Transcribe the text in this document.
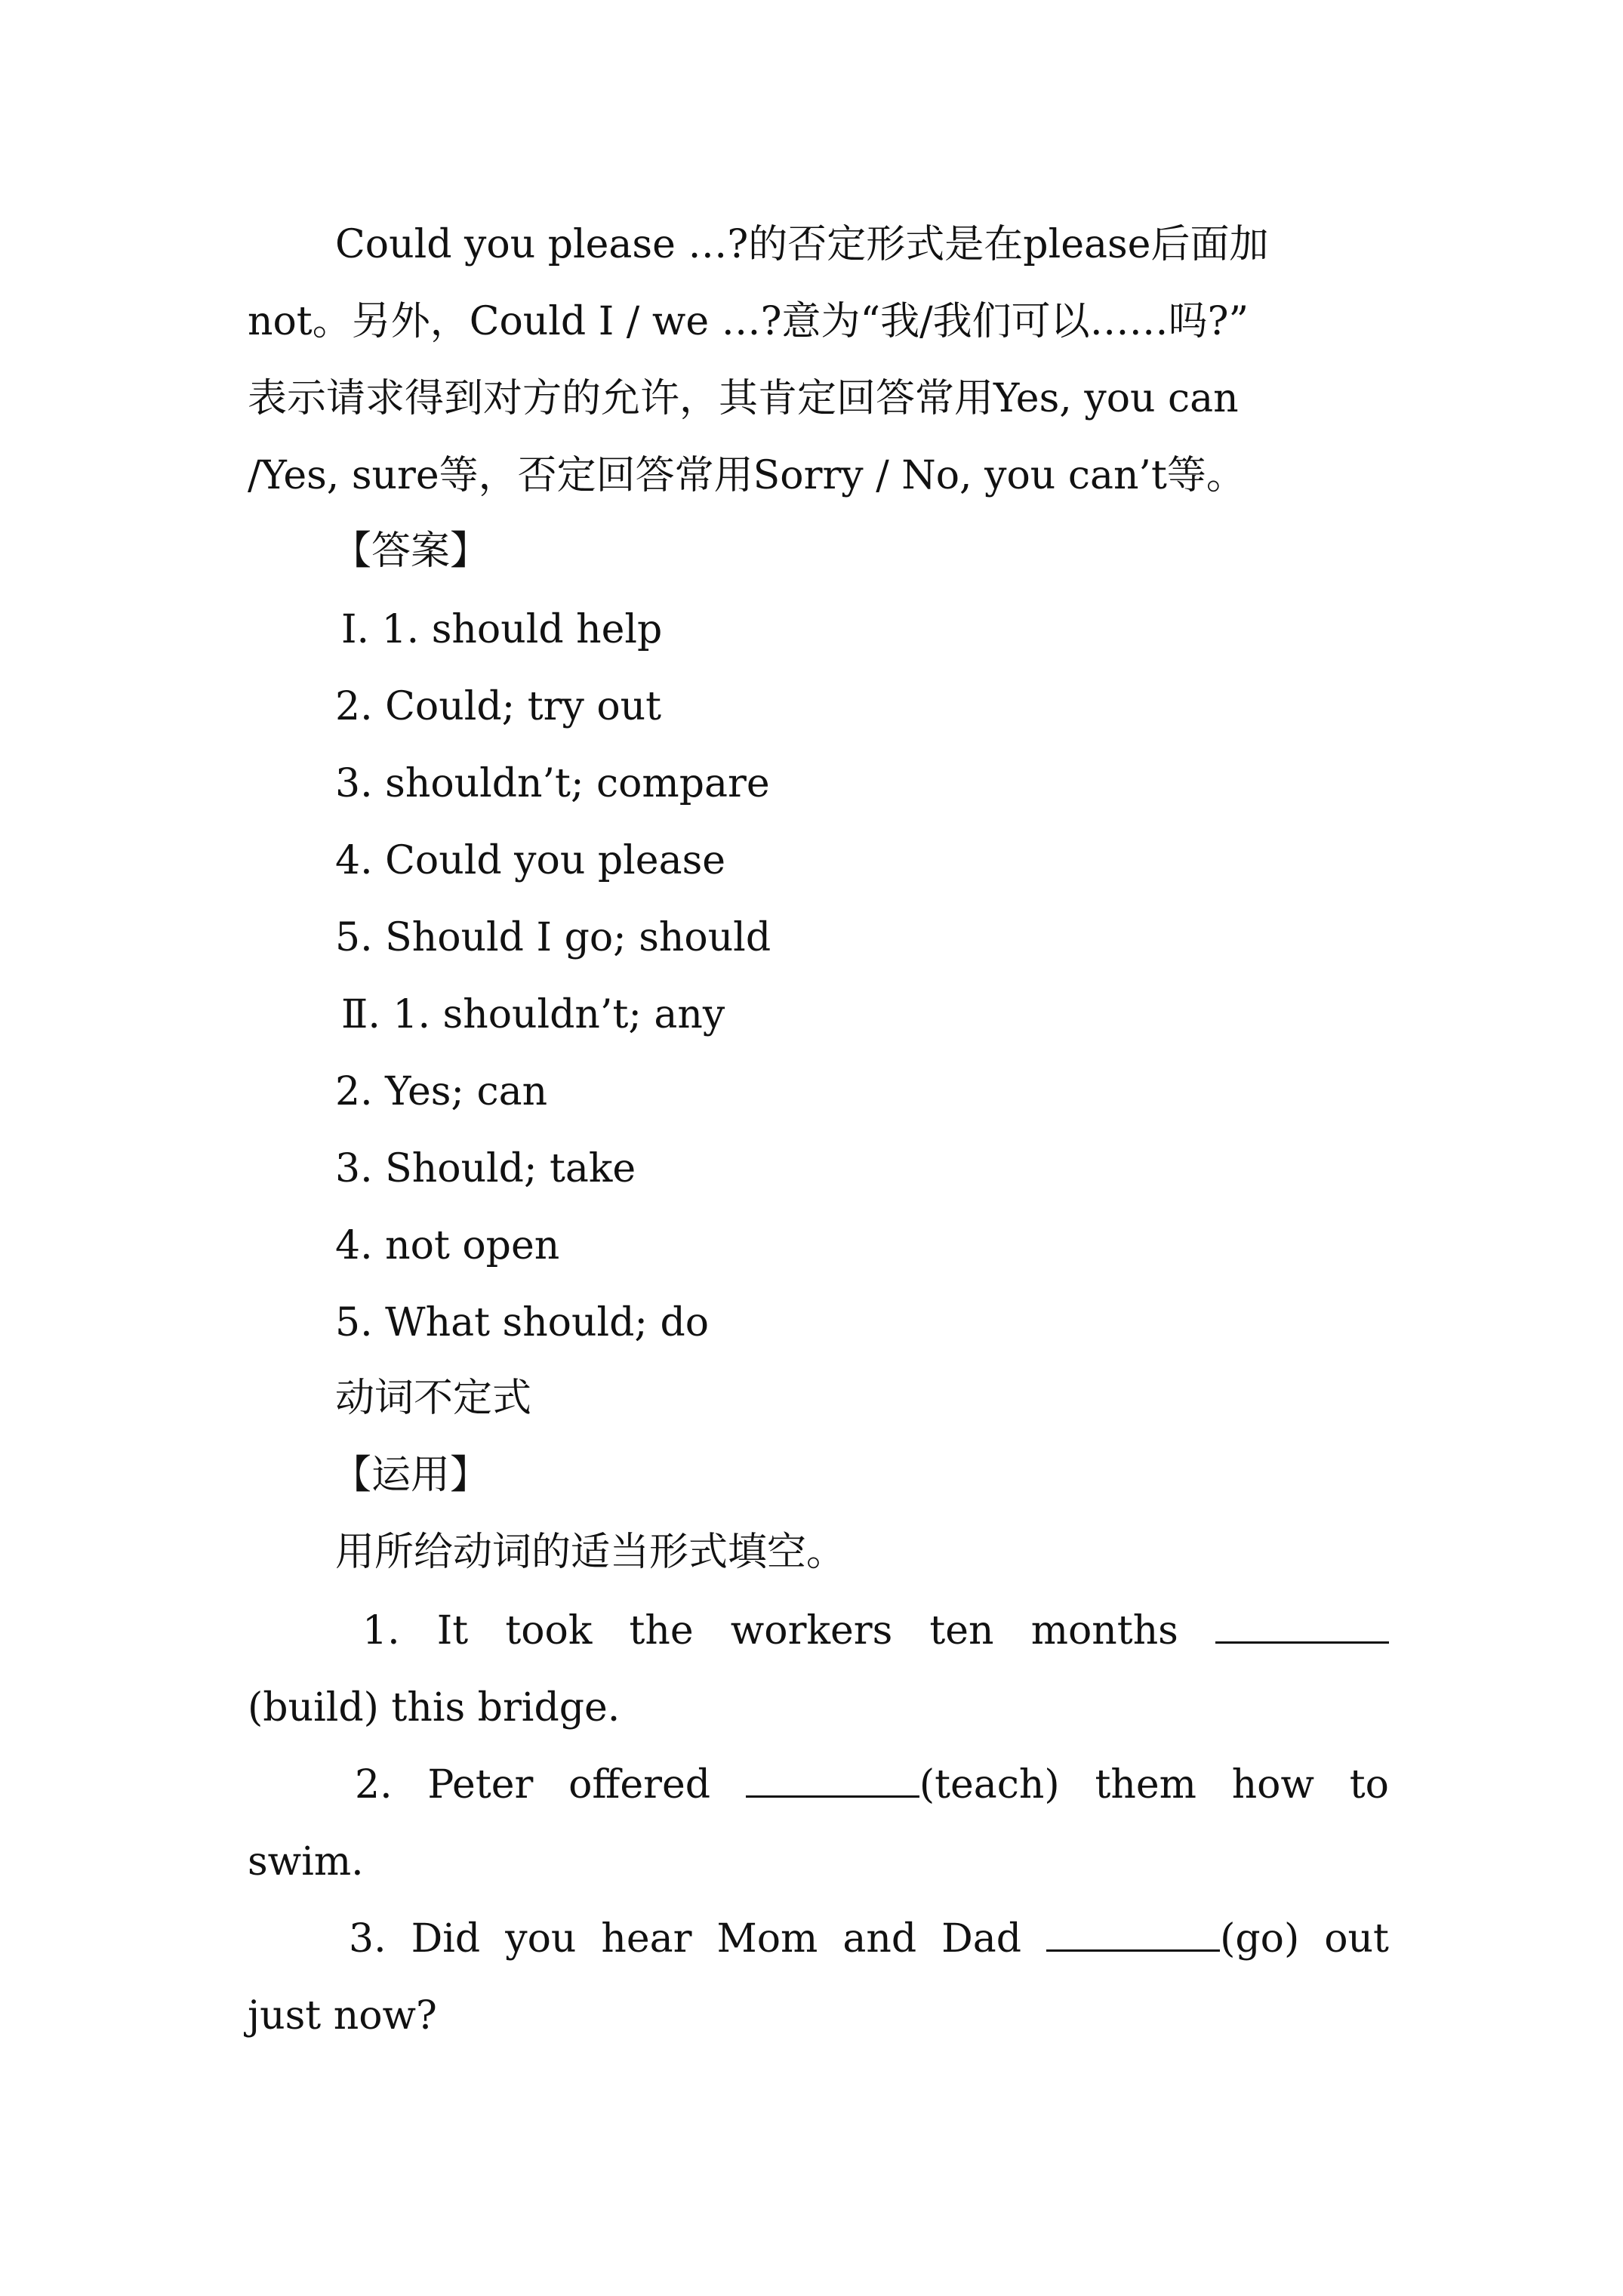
Could you please …?的否定形式是在please后面加

not。另外，Could I / we …?意为“我/我们可以……吗?”

表示请求得到对方的允许，其肯定回答常用Yes, you can

/Yes, sure等，否定回答常用Sorry / No, you can’t等。

【答案】

Ⅰ. 1. should help

2. Could; try out

3. shouldn’t; compare

4. Could you please

5. Should I go; should

Ⅱ. 1. shouldn’t; any

2. Yes; can

3. Should; take

4. not open

5. What should; do

动词不定式

【运用】

用所给动词的适当形式填空。

1. It took the workers ten months

(build) this bridge.

2. Peter offered	(teach) them how to

swim.

3. Did you hear Mom and Dad	(go) out

just now?
